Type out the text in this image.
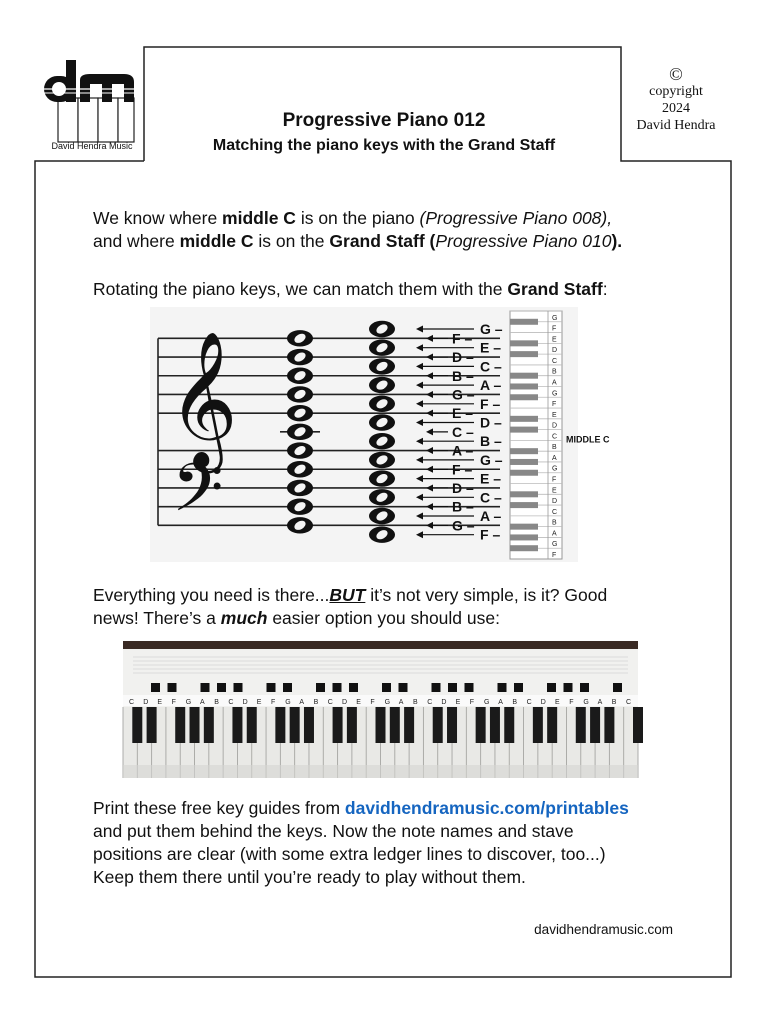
David Hendra Music
Progressive Piano 012
Matching the piano keys with the Grand Staff
©
copyright
2024
David Hendra
We know where middle C is on the piano (Progressive Piano 008),
and where middle C is on the Grand Staff (Progressive Piano 010).
Rotating the piano keys, we can match them with the Grand Staff:
𝄞
𝄢
G –
E –
C –
A –
F –
D –
B –
G –
E –
C –
A –
F –
F –
D –
B –
G –
E –
C –
A –
F –
D –
B –
G –
G
F
E
D
C
B
A
G
F
E
D
C
B
A
G
F
E
D
C
B
A
G
F
MIDDLE C
Everything you need is there...BUT it’s not very simple, is it? Good
news! There’s a much easier option you should use:
C D E F G A B C D E F G A B C D E F G A B C D E F G A B C D E F G A B C
Print these free key guides from davidhendramusic.com/printables
and put them behind the keys. Now the note names and stave
positions are clear (with some extra ledger lines to discover, too...)
Keep them there until you’re ready to play without them.
davidhendramusic.com
